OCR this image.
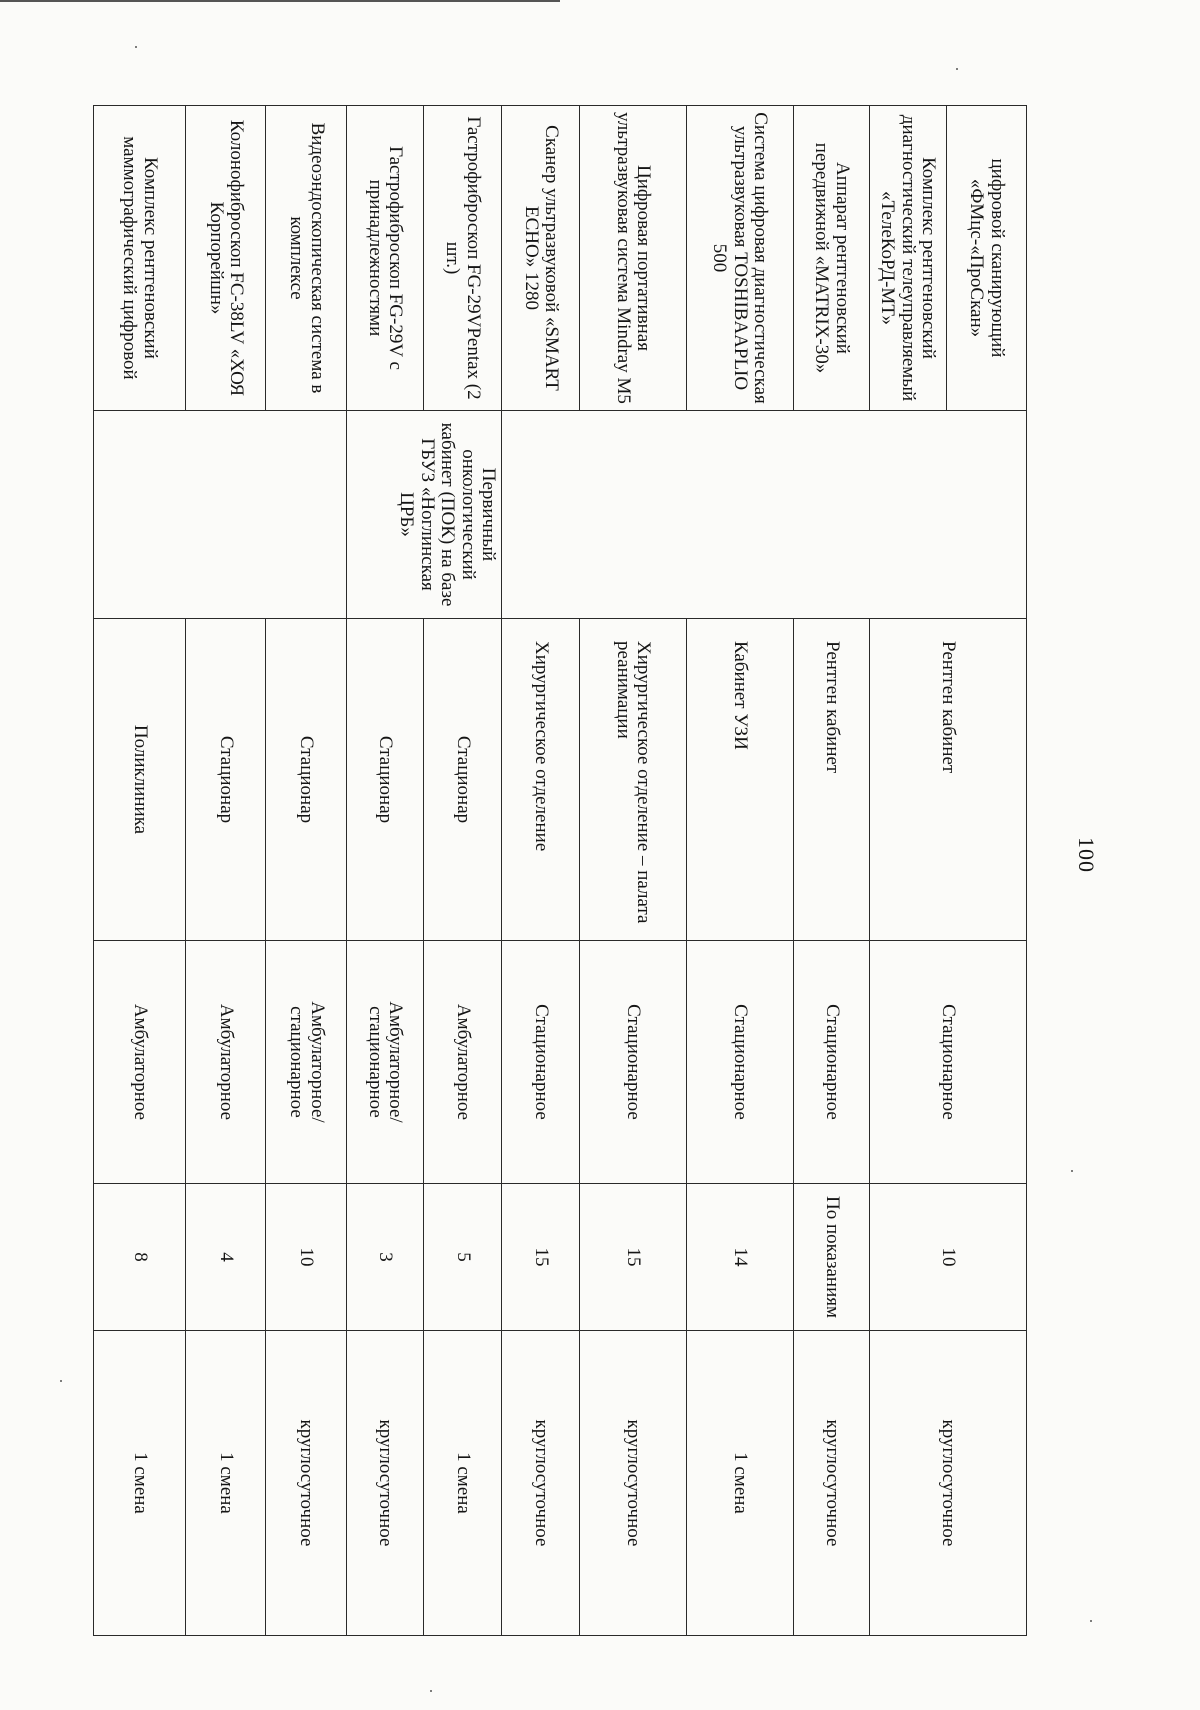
100
цифровой сканирующий «ФМцс-«ПроСкан»		Рентген кабинет	Стационарное	10	круглосуточное
Комплекс рентгеновский диагностический телеуправляемый «ТелеКоРД-МТ»					
Аппарат рентгеновский передвижной «МАТRIX-30»		Рентген кабинет	Стационарное	По показаниям	круглосуточное
Система цифровая диагностическая ультразвуковая TOSHIBAAPLIO 500		Кабинет УЗИ	Стационарное	14	1 смена
Цифровая портативная ультразвуковая система Mindray M5		Хирургическое отделение – палата реанимации	Стационарное	15	круглосуточное
Сканер ультразвуковой «SMART ECHO» 1280		Хирургическое отделение	Стационарное	15	круглосуточное
Гастрофиброскоп FG-29VPentax (2 шт.)	Первичный онкологический кабинет (ПОК) на базе ГБУЗ «Ноглинская ЦРБ»	Стационар	Амбулаторное	5	1 смена
Гастрофиброскоп FG-29V с принадлежностями		Стационар	Амбулаторное/ стационарное	3	круглосуточное
Видеоэндоскопическая система в комплексе		Стационар	Амбулаторное/ стационарное	10	круглосуточное
Колонофиброскоп FC-38LV «ХОЯ Корпорейшн»		Стационар	Амбулаторное	4	1 смена
Комплекс рентгеновский маммографический цифровой		Поликлиника	Амбулаторное	8	1 смена
